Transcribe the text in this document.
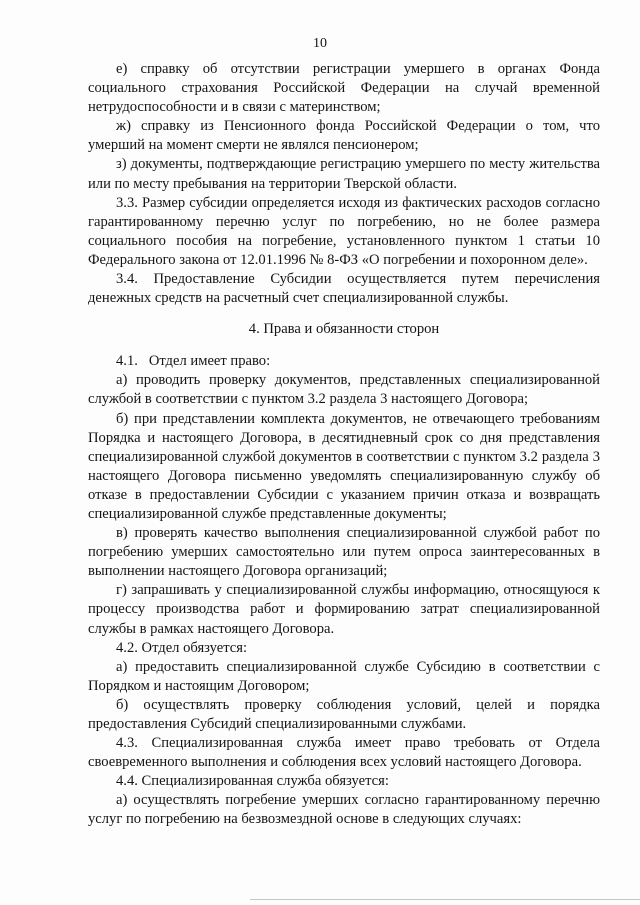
10

е) справку об отсутствии регистрации умершего в органах Фонда социального страхования Российской Федерации на случай временной нетрудоспособности и в связи с материнством;

ж) справку из Пенсионного фонда Российской Федерации о том, что умерший на момент смерти не являлся пенсионером;

з) документы, подтверждающие регистрацию умершего по месту жительства или по месту пребывания на территории Тверской области.

3.3. Размер субсидии определяется исходя из фактических расходов согласно гарантированному перечню услуг по погребению, но не более размера социального пособия на погребение, установленного пунктом 1 статьи 10 Федерального закона от 12.01.1996 № 8-ФЗ «О погребении и похоронном деле».

3.4. Предоставление Субсидии осуществляется путем перечисления денежных средств на расчетный счет специализированной службы.

4. Права и обязанности сторон

4.1.   Отдел имеет право:

а) проводить проверку документов, представленных специализированной службой в соответствии с пунктом 3.2 раздела 3 настоящего Договора;

б) при представлении комплекта документов, не отвечающего требованиям Порядка и настоящего Договора, в десятидневный срок со дня представления специализированной службой документов в соответствии с пунктом 3.2 раздела 3 настоящего Договора письменно уведомлять специализированную службу об отказе в предоставлении Субсидии с указанием причин отказа и возвращать специализированной службе представленные документы;

в) проверять качество выполнения специализированной службой работ по погребению умерших самостоятельно или путем опроса заинтересованных в выполнении настоящего Договора организаций;

г) запрашивать у специализированной службы информацию, относящуюся к процессу производства работ и формированию затрат специализированной службы в рамках настоящего Договора.

4.2. Отдел обязуется:

а) предоставить специализированной службе Субсидию в соответствии с Порядком и настоящим Договором;

б) осуществлять проверку соблюдения условий, целей и порядка предоставления Субсидий специализированными службами.

4.3. Специализированная служба имеет право требовать от Отдела своевременного выполнения и соблюдения всех условий настоящего Договора.

4.4. Специализированная служба обязуется:

а) осуществлять погребение умерших согласно гарантированному перечню услуг по погребению на безвозмездной основе в следующих случаях:
